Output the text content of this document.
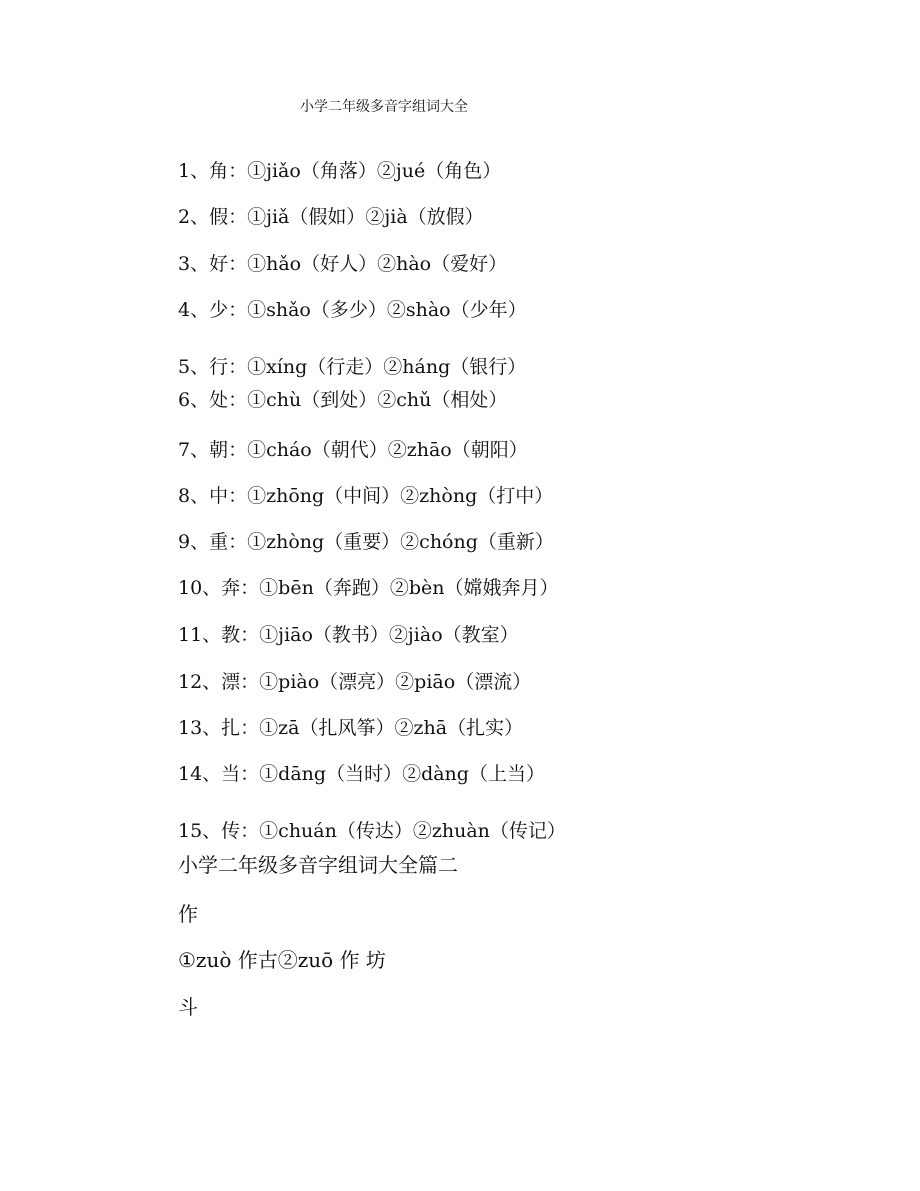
小学二年级多音字组词大全
1、角：①jiǎo（角落）②jué（角色）
2、假：①jiǎ（假如）②jià（放假）
3、好：①hǎo（好人）②hào（爱好）
4、少：①shǎo（多少）②shào（少年）
5、行：①xíng（行走）②háng（银行）
6、处：①chù（到处）②chǔ（相处）
7、朝：①cháo（朝代）②zhāo（朝阳）
8、中：①zhōng（中间）②zhòng（打中）
9、重：①zhòng（重要）②chóng（重新）
10、奔：①bēn（奔跑）②bèn（嫦娥奔月）
11、教：①jiāo（教书）②jiào（教室）
12、漂：①piào（漂亮）②piāo（漂流）
13、扎：①zā（扎风筝）②zhā（扎实）
14、当：①dāng（当时）②dàng（上当）
15、传：①chuán（传达）②zhuàn（传记）
小学二年级多音字组词大全篇二
作
①zuò 作古②zuō 作 坊
斗
